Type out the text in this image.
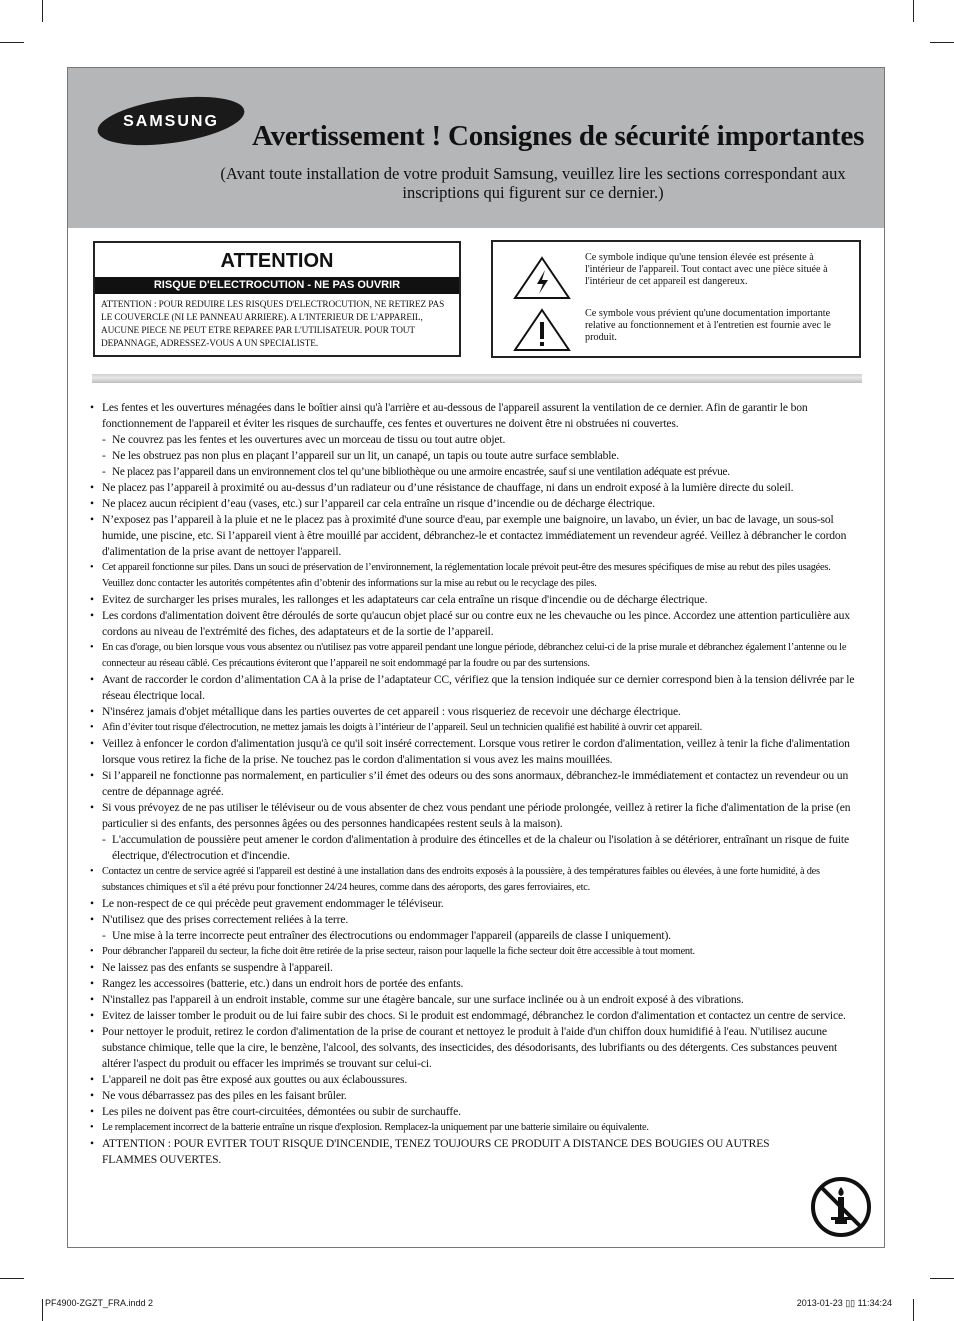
SAMSUNG Avertissement ! Consignes de sécurité importantes
(Avant toute installation de votre produit Samsung, veuillez lire les sections correspondant aux inscriptions qui figurent sur ce dernier.)
ATTENTION
RISQUE D'ELECTROCUTION - NE PAS OUVRIR
ATTENTION : POUR REDUIRE LES RISQUES D'ELECTROCUTION, NE RETIREZ PAS LE COUVERCLE (NI LE PANNEAU ARRIERE). A L'INTERIEUR DE L'APPAREIL, AUCUNE PIECE NE PEUT ETRE REPAREE PAR L'UTILISATEUR. POUR TOUT DEPANNAGE, ADRESSEZ-VOUS A UN SPECIALISTE.
Ce symbole indique qu'une tension élevée est présente à l'intérieur de l'appareil. Tout contact avec une pièce située à l'intérieur de cet appareil est dangereux.
Ce symbole vous prévient qu'une documentation importante relative au fonctionnement et à l'entretien est fournie avec le produit.
• Les fentes et les ouvertures ménagées dans le boîtier ainsi qu'à l'arrière et au-dessous de l'appareil assurent la ventilation de ce dernier. Afin de garantir le bon fonctionnement de l'appareil et éviter les risques de surchauffe, ces fentes et ouvertures ne doivent être ni obstruées ni couvertes.
- Ne couvrez pas les fentes et les ouvertures avec un morceau de tissu ou tout autre objet.
- Ne les obstruez pas non plus en plaçant l’appareil sur un lit, un canapé, un tapis ou toute autre surface semblable.
- Ne placez pas l’appareil dans un environnement clos tel qu’une bibliothèque ou une armoire encastrée, sauf si une ventilation adéquate est prévue.
• Ne placez pas l’appareil à proximité ou au-dessus d’un radiateur ou d’une résistance de chauffage, ni dans un endroit exposé à la lumière directe du soleil.
• Ne placez aucun récipient d’eau (vases, etc.) sur l’appareil car cela entraîne un risque d’incendie ou de décharge électrique.
• N’exposez pas l’appareil à la pluie et ne le placez pas à proximité d'une source d'eau, par exemple une baignoire, un lavabo, un évier, un bac de lavage, un sous-sol humide, une piscine, etc. Si l’appareil vient à être mouillé par accident, débranchez-le et contactez immédiatement un revendeur agréé. Veillez à débrancher le cordon d'alimentation de la prise avant de nettoyer l'appareil.
• Cet appareil fonctionne sur piles. Dans un souci de préservation de l’environnement, la réglementation locale prévoit peut-être des mesures spécifiques de mise au rebut des piles usagées. Veuillez donc contacter les autorités compétentes afin d’obtenir des informations sur la mise au rebut ou le recyclage des piles.
• Evitez de surcharger les prises murales, les rallonges et les adaptateurs car cela entraîne un risque d'incendie ou de décharge électrique.
• Les cordons d'alimentation doivent être déroulés de sorte qu'aucun objet placé sur ou contre eux ne les chevauche ou les pince. Accordez une attention particulière aux cordons au niveau de l'extrémité des fiches, des adaptateurs et de la sortie de l’appareil.
• En cas d'orage, ou bien lorsque vous vous absentez ou n'utilisez pas votre appareil pendant une longue période, débranchez celui-ci de la prise murale et débranchez également l’antenne ou le connecteur au réseau câblé. Ces précautions éviteront que l’appareil ne soit endommagé par la foudre ou par des surtensions.
• Avant de raccorder le cordon d’alimentation CA à la prise de l’adaptateur CC, vérifiez que la tension indiquée sur ce dernier correspond bien à la tension délivrée par le réseau électrique local.
• N'insérez jamais d'objet métallique dans les parties ouvertes de cet appareil : vous risqueriez de recevoir une décharge électrique.
• Afin d’éviter tout risque d'électrocution, ne mettez jamais les doigts à l’intérieur de l’appareil. Seul un technicien qualifié est habilité à ouvrir cet appareil.
• Veillez à enfoncer le cordon d'alimentation jusqu'à ce qu'il soit inséré correctement. Lorsque vous retirer le cordon d'alimentation, veillez à tenir la fiche d'alimentation lorsque vous retirez la fiche de la prise. Ne touchez pas le cordon d'alimentation si vous avez les mains mouillées.
• Si l’appareil ne fonctionne pas normalement, en particulier s’il émet des odeurs ou des sons anormaux, débranchez-le immédiatement et contactez un revendeur ou un centre de dépannage agréé.
• Si vous prévoyez de ne pas utiliser le téléviseur ou de vous absenter de chez vous pendant une période prolongée, veillez à retirer la fiche d'alimentation de la prise (en particulier si des enfants, des personnes âgées ou des personnes handicapées restent seuls à la maison).
- L'accumulation de poussière peut amener le cordon d'alimentation à produire des étincelles et de la chaleur ou l'isolation à se détériorer, entraînant un risque de fuite électrique, d'électrocution et d'incendie.
• Contactez un centre de service agréé si l'appareil est destiné à une installation dans des endroits exposés à la poussière, à des températures faibles ou élevées, à une forte humidité, à des substances chimiques et s'il a été prévu pour fonctionner 24/24 heures, comme dans des aéroports, des gares ferroviaires, etc.
• Le non-respect de ce qui précède peut gravement endommager le téléviseur.
• N'utilisez que des prises correctement reliées à la terre.
- Une mise à la terre incorrecte peut entraîner des électrocutions ou endommager l'appareil (appareils de classe I uniquement).
• Pour débrancher l'appareil du secteur, la fiche doit être retirée de la prise secteur, raison pour laquelle la fiche secteur doit être accessible à tout moment.
• Ne laissez pas des enfants se suspendre à l'appareil.
• Rangez les accessoires (batterie, etc.) dans un endroit hors de portée des enfants.
• N'installez pas l'appareil à un endroit instable, comme sur une étagère bancale, sur une surface inclinée ou à un endroit exposé à des vibrations.
• Evitez de laisser tomber le produit ou de lui faire subir des chocs. Si le produit est endommagé, débranchez le cordon d'alimentation et contactez un centre de service.
• Pour nettoyer le produit, retirez le cordon d'alimentation de la prise de courant et nettoyez le produit à l'aide d'un chiffon doux humidifié à l'eau. N'utilisez aucune substance chimique, telle que la cire, le benzène, l'alcool, des solvants, des insecticides, des désodorisants, des lubrifiants ou des détergents. Ces substances peuvent altérer l'aspect du produit ou effacer les imprimés se trouvant sur celui-ci.
• L'appareil ne doit pas être exposé aux gouttes ou aux éclaboussures.
• Ne vous débarrassez pas des piles en les faisant brûler.
• Les piles ne doivent pas être court-circuitées, démontées ou subir de surchauffe.
• Le remplacement incorrect de la batterie entraîne un risque d'explosion. Remplacez-la uniquement par une batterie similaire ou équivalente.
• ATTENTION : POUR EVITER TOUT RISQUE D'INCENDIE, TENEZ TOUJOURS CE PRODUIT A DISTANCE DES BOUGIES OU AUTRES FLAMMES OUVERTES.
PF4900-ZGZT_FRA.indd 2	2013-01-23 ▯▯ 11:34:24
